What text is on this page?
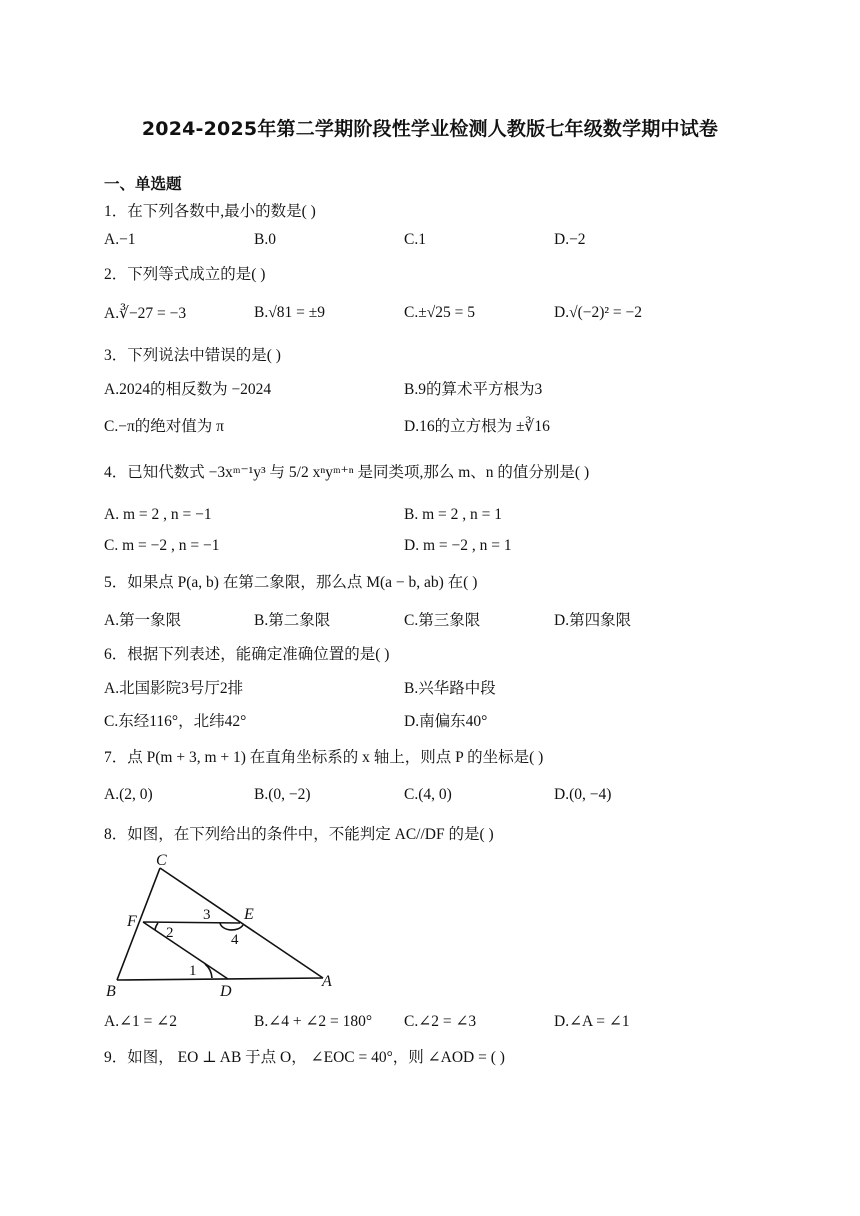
2024-2025年第二学期阶段性学业检测人教版七年级数学期中试卷
一、单选题
1．在下列各数中,最小的数是( )
A.−1	B.0	C.1	D.−2
2．下列等式成立的是( )
A.∛−27 = −3	B.√81 = ±9	C.±√25 = 5	D.√(−2)² = −2
3．下列说法中错误的是( )
A.2024的相反数为 −2024	B.9的算术平方根为3
C.−π的绝对值为 π	D.16的立方根为 ±∛16
4．已知代数式 −3xᵐ⁻¹y³ 与 5/2 xⁿyᵐ⁺ⁿ 是同类项,那么 m、n 的值分别是( )
A. m = 2 , n = −1	B. m = 2 , n = 1
C. m = −2 , n = −1	D. m = −2 , n = 1
5．如果点 P(a, b) 在第二象限，那么点 M(a − b, ab) 在( )
A.第一象限	B.第二象限	C.第三象限	D.第四象限
6．根据下列表述，能确定准确位置的是( )
A.北国影院3号厅2排	B.兴华路中段
C.东经116°，北纬42°	D.南偏东40°
7．点 P(m + 3, m + 1) 在直角坐标系的 x 轴上，则点 P 的坐标是( )
A.(2, 0)	B.(0, −2)	C.(4, 0)	D.(0, −4)
8．如图，在下列给出的条件中，不能判定 AC//DF 的是( )
C
F	E
B	D
A
2
1
3
4
A.∠1 = ∠2	B.∠4 + ∠2 = 180° C.∠2 = ∠3	D.∠A = ∠1
9．如图， EO ⊥ AB 于点 O， ∠EOC = 40°，则 ∠AOD = ( )
